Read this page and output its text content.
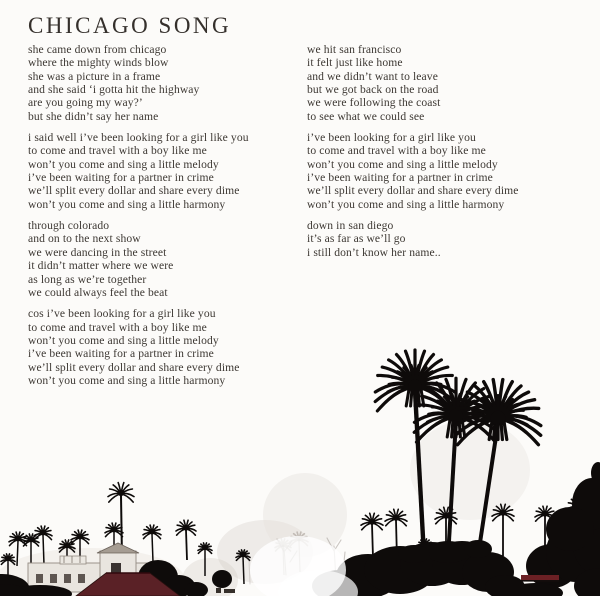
CHICAGO SONG
she came down from chicago
where the mighty winds blow
she was a picture in a frame
and she said ‘i gotta hit the highway
are you going my way?’
but she didn’t say her name
i said well i’ve been looking for a girl like you
to come and travel with a boy like me
won’t you come and sing a little melody
i’ve been waiting for a partner in crime
we’ll split every dollar and share every dime
won’t you come and sing a little harmony
through colorado
and on to the next show
we were dancing in the street
it didn’t matter where we were
as long as we’re together
we could always feel the beat
cos i’ve been looking for a girl like you
to come and travel with a boy like me
won’t you come and sing a little melody
i’ve been waiting for a partner in crime
we’ll split every dollar and share every dime
won’t you come and sing a little harmony
we hit san francisco
it felt just like home
and we didn’t want to leave
but we got back on the road
we were following the coast
to see what we could see
i’ve been looking for a girl like you
to come and travel with a boy like me
won’t you come and sing a little melody
i’ve been waiting for a partner in crime
we’ll split every dollar and share every dime
won’t you come and sing a little harmony
down in san diego
it’s as far as we’ll go
i still don’t know her name..
